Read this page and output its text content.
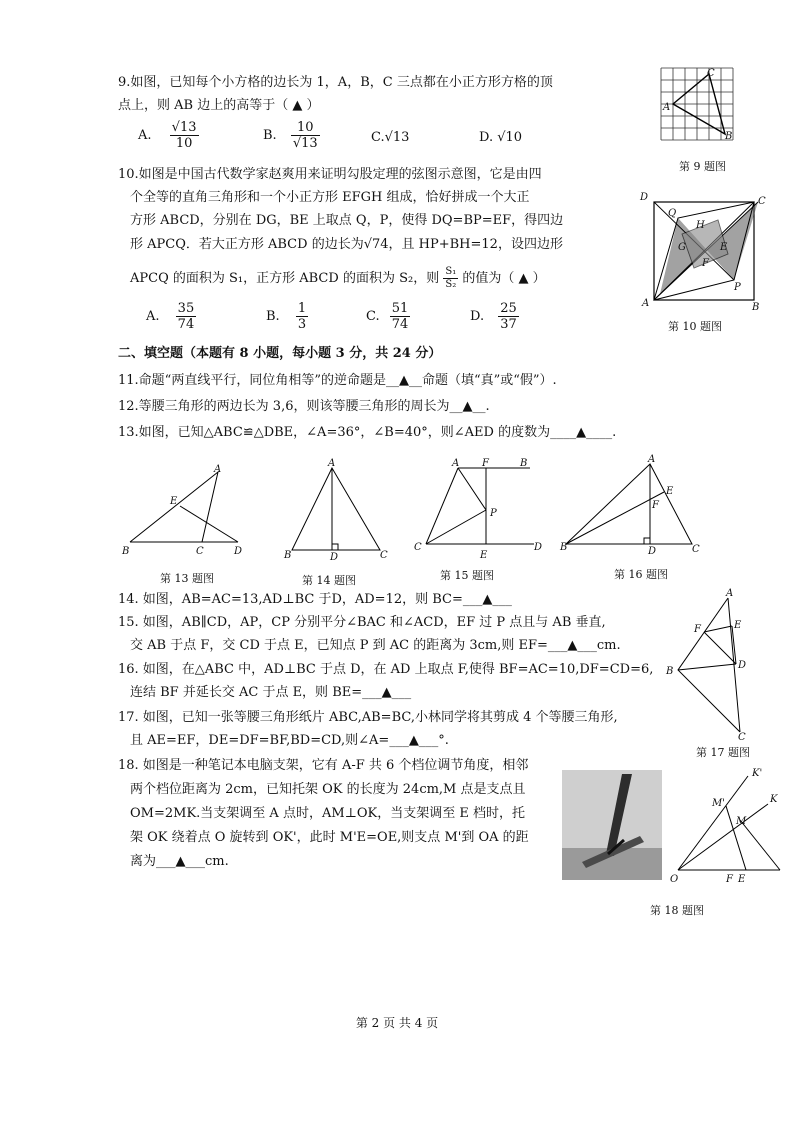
9.如图，已知每个小方格的边长为 1，A，B，C 三点都在小正方形方格的顶
点上，则 AB 边上的高等于（ ▲ ）
A. $\frac{√13}{10}$	B. $\frac{10}{√13}$	C.√13	D. √10
A
C
B
第 9 题图
10.如图是中国古代数学家赵爽用来证明勾股定理的弦图示意图，它是由四
个全等的直角三角形和一个小正方形 EFGH 组成，恰好拼成一个大正
方形 ABCD，分别在 DG，BE 上取点 Q，P，使得 DQ=BP=EF，得四边
形 APCQ．若大正方形 ABCD 的边长为√74，且 HP+BH=12，设四边形
APCQ 的面积为 S₁，正方形 ABCD 的面积为 S₂，则 $\frac{\text{S₁}}{\text{S₂}}$ 的值为（ ▲ ）
A. $\frac{35}{74}$	B. $\frac{1}{3}$	C. $\frac{51}{74}$	D. $\frac{25}{37}$
D	C
A	B
Q
P
H
G	E
F
第 10 题图
二、填空题（本题有 8 小题，每小题 3 分，共 24 分）
11.命题“两直线平行，同位角相等”的逆命题是__▲__命题（填“真”或“假”）.
12.等腰三角形的两边长为 3,6，则该等腰三角形的周长为__▲__.
13.如图，已知△ABC≌△DBE，∠A=36°，∠B=40°，则∠AED 的度数为____▲____.
B
A
E
C	D
第 13 题图
A
B	D	C
第 14 题图
A F	B
P
C
E
D
第 15 题图
A
E
F
B	D	C
第 16 题图
14. 如图，AB=AC=13,AD⊥BC 于D，AD=12，则 BC=___▲___
15. 如图，AB∥CD，AP，CP 分别平分∠BAC 和∠ACD，EF 过 P 点且与 AB 垂直,
交 AB 于点 F，交 CD 于点 E，已知点 P 到 AC 的距离为 3cm,则 EF=___▲___cm.
16. 如图，在△ABC 中，AD⊥BC 于点 D，在 AD 上取点 F,使得 BF=AC=10,DF=CD=6,
连结 BF 并延长交 AC 于点 E，则 BE=___▲___
17. 如图，已知一张等腰三角形纸片 ABC,AB=BC,小林同学将其剪成 4 个等腰三角形,
且 AE=EF，DE=DF=BF,BD=CD,则∠A=___▲___°.
A
F	E
D
B
C
第 17 题图
18. 如图是一种笔记本电脑支架，它有 A-F 共 6 个档位调节角度，相邻
两个档位距离为 2cm，已知托架 OK 的长度为 24cm,M 点是支点且
OM=2MK.当支架调至 A 点时，AM⊥OK，当支架调至 E 档时，托
架 OK 绕着点 O 旋转到 OK'，此时 M'E=OE,则支点 M'到 OA 的距
离为___▲___cm.
O	F E
K'
K
M'
M
第 18 题图
第 2 页 共 4 页
